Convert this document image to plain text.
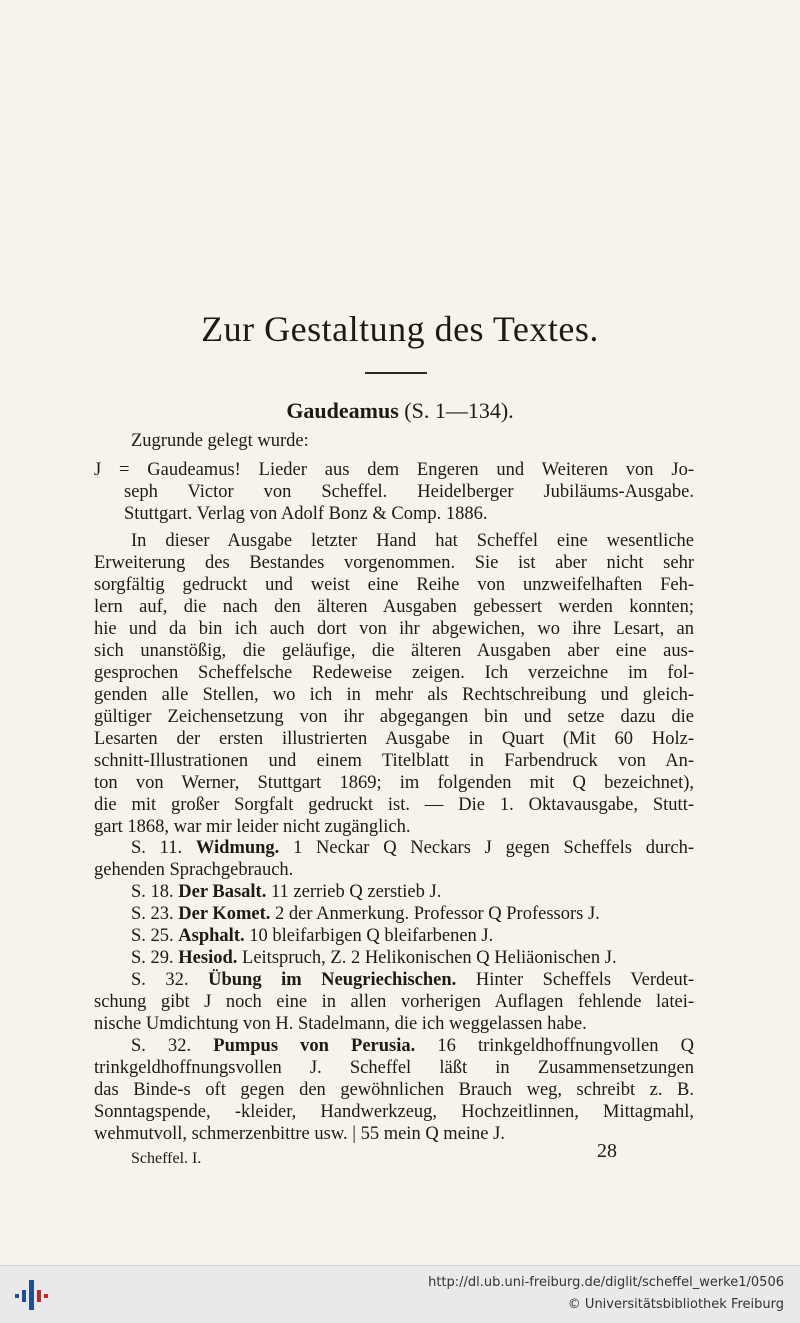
Zur Gestaltung des Textes.
Gaudeamus (S. 1—134).
Zugrunde gelegt wurde:
J = Gaudeamus! Lieder aus dem Engeren und Weiteren von Jo-
seph Victor von Scheffel. Heidelberger Jubiläums-Ausgabe.
Stuttgart. Verlag von Adolf Bonz & Comp. 1886.
In dieser Ausgabe letzter Hand hat Scheffel eine wesentliche
Erweiterung des Bestandes vorgenommen. Sie ist aber nicht sehr
sorgfältig gedruckt und weist eine Reihe von unzweifelhaften Feh-
lern auf, die nach den älteren Ausgaben gebessert werden konnten;
hie und da bin ich auch dort von ihr abgewichen, wo ihre Lesart, an
sich unanstößig, die geläufige, die älteren Ausgaben aber eine aus-
gesprochen Scheffelsche Redeweise zeigen. Ich verzeichne im fol-
genden alle Stellen, wo ich in mehr als Rechtschreibung und gleich-
gültiger Zeichensetzung von ihr abgegangen bin und setze dazu die
Lesarten der ersten illustrierten Ausgabe in Quart (Mit 60 Holz-
schnitt-Illustrationen und einem Titelblatt in Farbendruck von An-
ton von Werner, Stuttgart 1869; im folgenden mit Q bezeichnet),
die mit großer Sorgfalt gedruckt ist. — Die 1. Oktavausgabe, Stutt-
gart 1868, war mir leider nicht zugänglich.
S. 11. Widmung. 1 Neckar Q Neckars J gegen Scheffels durch-
gehenden Sprachgebrauch.
S. 18. Der Basalt. 11 zerrieb Q zerstieb J.
S. 23. Der Komet. 2 der Anmerkung. Professor Q Professors J.
S. 25. Asphalt. 10 bleifarbigen Q bleifarbenen J.
S. 29. Hesiod. Leitspruch, Z. 2 Helikonischen Q Heliäonischen J.
S. 32. Übung im Neugriechischen. Hinter Scheffels Verdeut-
schung gibt J noch eine in allen vorherigen Auflagen fehlende latei-
nische Umdichtung von H. Stadelmann, die ich weggelassen habe.
S. 32. Pumpus von Perusia. 16 trinkgeldhoffnungvollen Q
trinkgeldhoffnungsvollen J. Scheffel läßt in Zusammensetzungen
das Binde-s oft gegen den gewöhnlichen Brauch weg, schreibt z. B.
Sonntagspende, -kleider, Handwerkzeug, Hochzeitlinnen, Mittagmahl,
wehmutvoll, schmerzenbittre usw. | 55 mein Q meine J.
Scheffel. I.	28
http://dl.ub.uni-freiburg.de/diglit/scheffel_werke1/0506
© Universitätsbibliothek Freiburg
